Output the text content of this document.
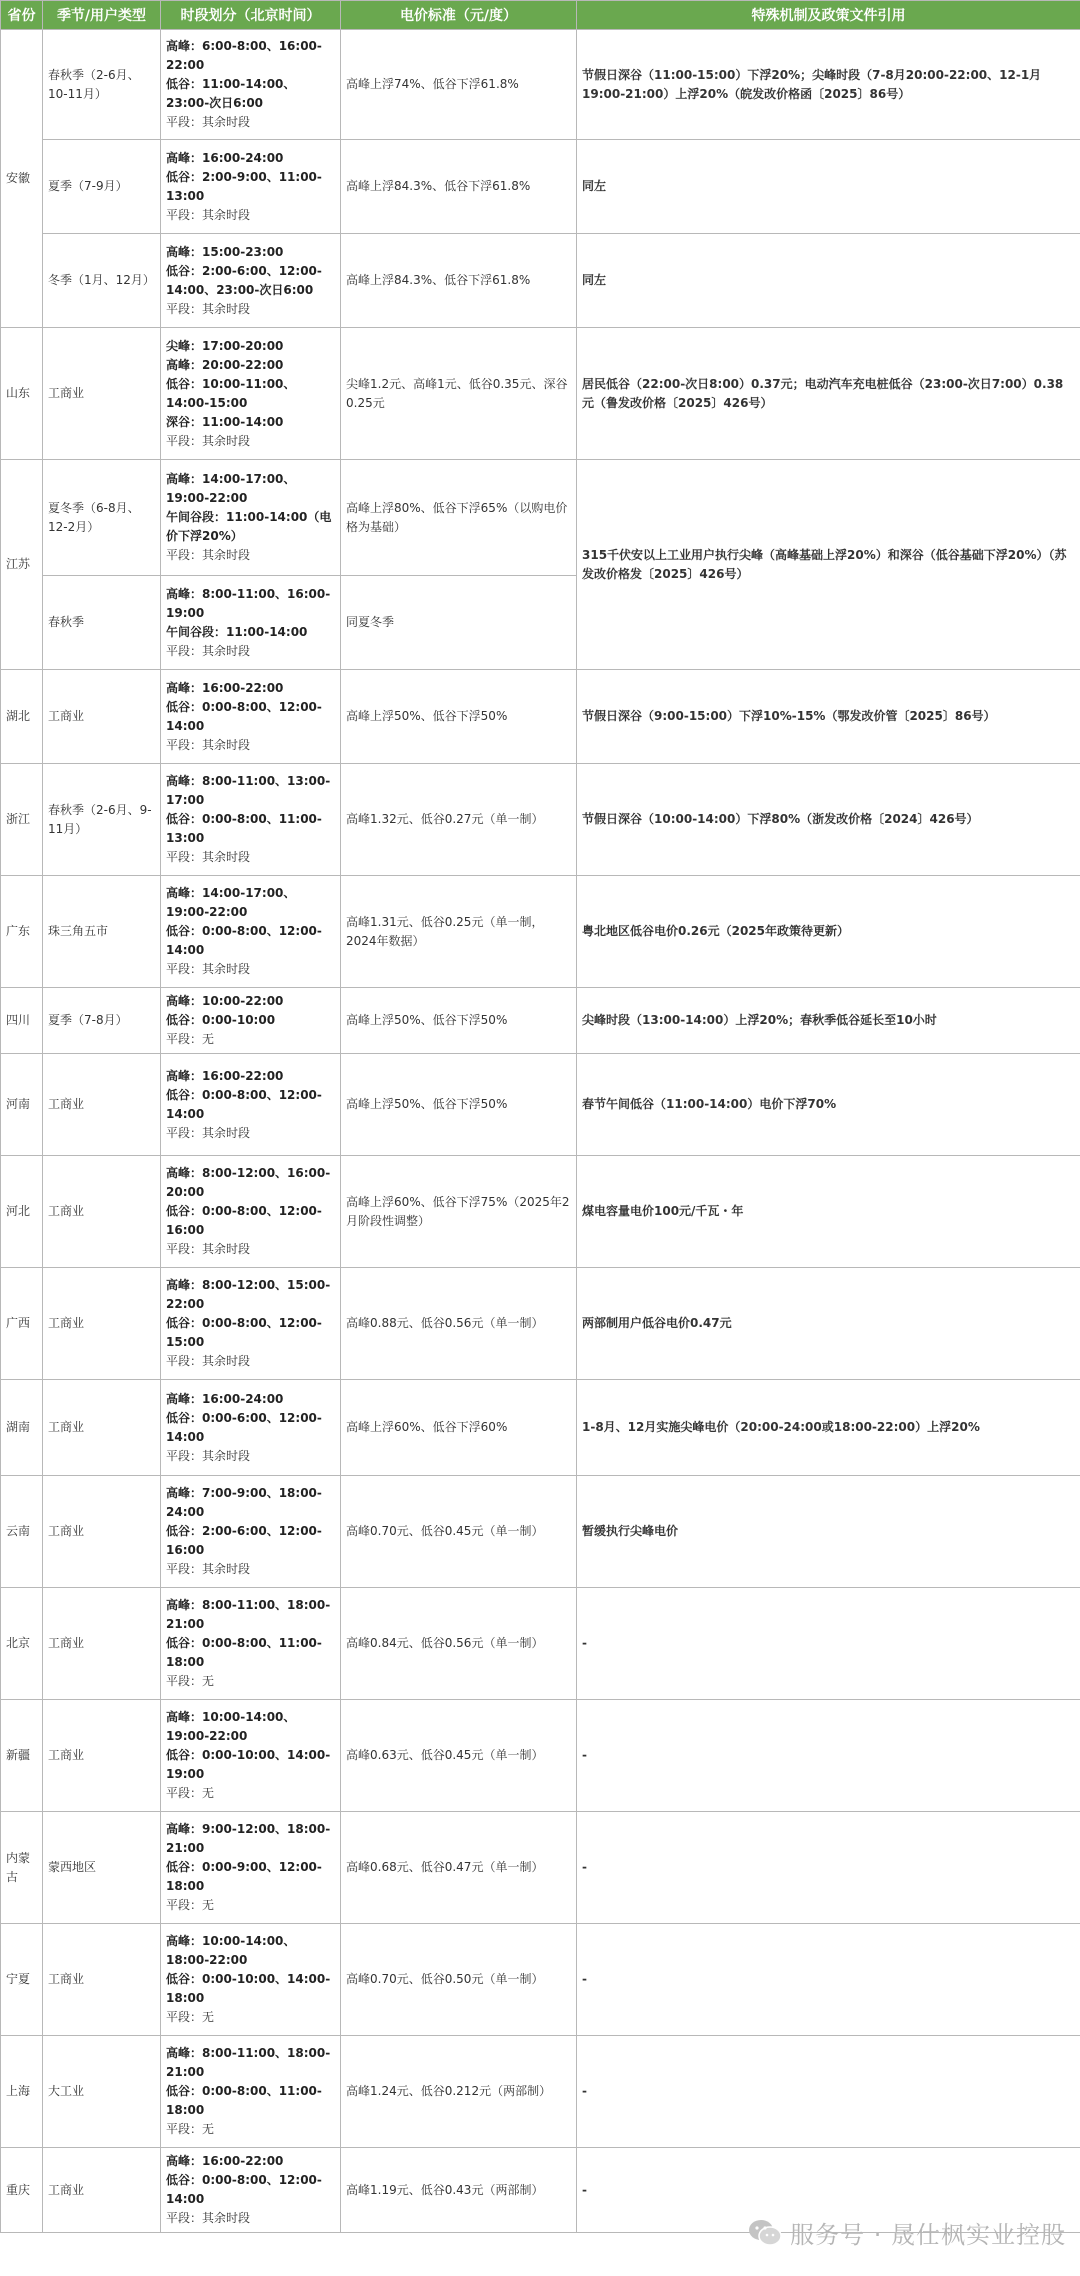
省份	季节/用户类型	时段划分（北京时间）	电价标准（元/度）	特殊机制及政策文件引用
安徽	春秋季（2-6月、10-11月）	高峰：6:00-8:00、16:00-22:00
低谷：11:00-14:00、23:00-次日6:00
平段：其余时段	高峰上浮74%、低谷下浮61.8%	节假日深谷（11:00-15:00）下浮20%；尖峰时段（7-8月20:00-22:00、12-1月19:00-21:00）上浮20%（皖发改价格函〔2025〕86号）
	夏季（7-9月）	高峰：16:00-24:00
低谷：2:00-9:00、11:00-13:00
平段：其余时段	高峰上浮84.3%、低谷下浮61.8%	同左
	冬季（1月、12月）	高峰：15:00-23:00
低谷：2:00-6:00、12:00-14:00、23:00-次日6:00
平段：其余时段	高峰上浮84.3%、低谷下浮61.8%	同左
山东	工商业	尖峰：17:00-20:00
高峰：20:00-22:00
低谷：10:00-11:00、14:00-15:00
深谷：11:00-14:00
平段：其余时段	尖峰1.2元、高峰1元、低谷0.35元、深谷0.25元	居民低谷（22:00-次日8:00）0.37元；电动汽车充电桩低谷（23:00-次日7:00）0.38元（鲁发改价格〔2025〕426号）
江苏	夏冬季（6-8月、12-2月）	高峰：14:00-17:00、19:00-22:00
午间谷段：11:00-14:00（电价下浮20%）
平段：其余时段	高峰上浮80%、低谷下浮65%（以购电价格为基础）	315千伏安以上工业用户执行尖峰（高峰基础上浮20%）和深谷（低谷基础下浮20%）（苏发改价格发〔2025〕426号）
	春秋季	高峰：8:00-11:00、16:00-19:00
午间谷段：11:00-14:00
平段：其余时段	同夏冬季	
湖北	工商业	高峰：16:00-22:00
低谷：0:00-8:00、12:00-14:00
平段：其余时段	高峰上浮50%、低谷下浮50%	节假日深谷（9:00-15:00）下浮10%-15%（鄂发改价管〔2025〕86号）
浙江	春秋季（2-6月、9-11月）	高峰：8:00-11:00、13:00-17:00
低谷：0:00-8:00、11:00-13:00
平段：其余时段	高峰1.32元、低谷0.27元（单一制）	节假日深谷（10:00-14:00）下浮80%（浙发改价格〔2024〕426号）
广东	珠三角五市	高峰：14:00-17:00、19:00-22:00
低谷：0:00-8:00、12:00-14:00
平段：其余时段	高峰1.31元、低谷0.25元（单一制，2024年数据）	粤北地区低谷电价0.26元（2025年政策待更新）
四川	夏季（7-8月）	高峰：10:00-22:00
低谷：0:00-10:00
平段：无	高峰上浮50%、低谷下浮50%	尖峰时段（13:00-14:00）上浮20%；春秋季低谷延长至10小时
河南	工商业	高峰：16:00-22:00
低谷：0:00-8:00、12:00-14:00
平段：其余时段	高峰上浮50%、低谷下浮50%	春节午间低谷（11:00-14:00）电价下浮70%
河北	工商业	高峰：8:00-12:00、16:00-20:00
低谷：0:00-8:00、12:00-16:00
平段：其余时段	高峰上浮60%、低谷下浮75%（2025年2月阶段性调整）	煤电容量电价100元/千瓦・年
广西	工商业	高峰：8:00-12:00、15:00-22:00
低谷：0:00-8:00、12:00-15:00
平段：其余时段	高峰0.88元、低谷0.56元（单一制）	两部制用户低谷电价0.47元
湖南	工商业	高峰：16:00-24:00
低谷：0:00-6:00、12:00-14:00
平段：其余时段	高峰上浮60%、低谷下浮60%	1-8月、12月实施尖峰电价（20:00-24:00或18:00-22:00）上浮20%
云南	工商业	高峰：7:00-9:00、18:00-24:00
低谷：2:00-6:00、12:00-16:00
平段：其余时段	高峰0.70元、低谷0.45元（单一制）	暂缓执行尖峰电价
北京	工商业	高峰：8:00-11:00、18:00-21:00
低谷：0:00-8:00、11:00-18:00
平段：无	高峰0.84元、低谷0.56元（单一制）	-
新疆	工商业	高峰：10:00-14:00、19:00-22:00
低谷：0:00-10:00、14:00-19:00
平段：无	高峰0.63元、低谷0.45元（单一制）	-
内蒙古	蒙西地区	高峰：9:00-12:00、18:00-21:00
低谷：0:00-9:00、12:00-18:00
平段：无	高峰0.68元、低谷0.47元（单一制）	-
宁夏	工商业	高峰：10:00-14:00、18:00-22:00
低谷：0:00-10:00、14:00-18:00
平段：无	高峰0.70元、低谷0.50元（单一制）	-
上海	大工业	高峰：8:00-11:00、18:00-21:00
低谷：0:00-8:00、11:00-18:00
平段：无	高峰1.24元、低谷0.212元（两部制）	-
重庆	工商业	高峰：16:00-22:00
低谷：0:00-8:00、12:00-14:00
平段：其余时段	高峰1.19元、低谷0.43元（两部制）	-
服务号 · 晟仕枫实业控股
